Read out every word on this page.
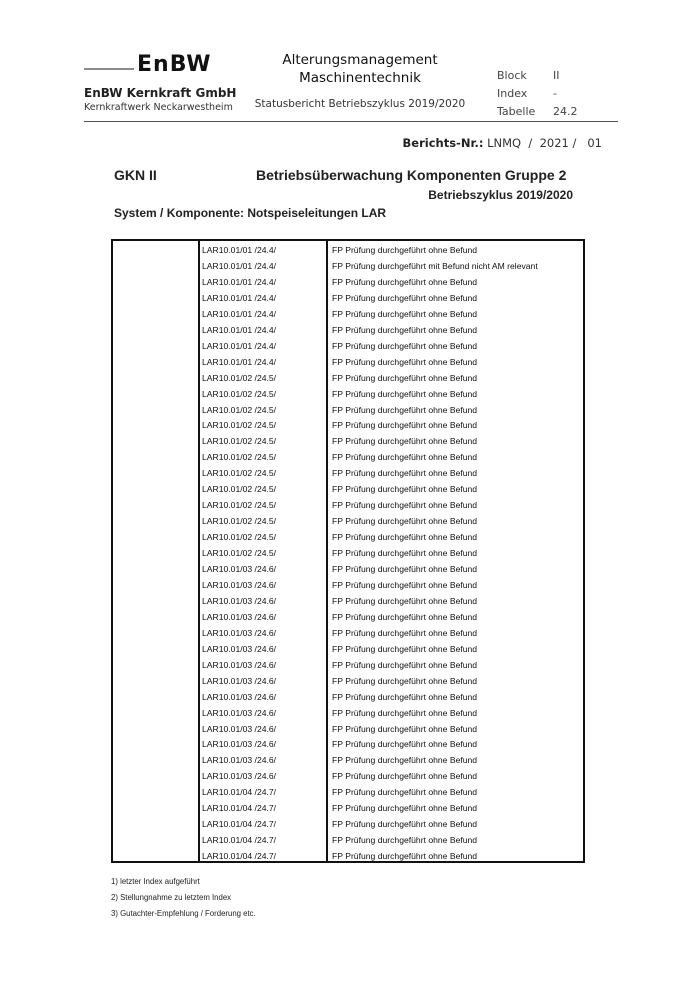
EnBW
EnBW Kernkraft GmbH
Kernkraftwerk Neckarwestheim
Alterungsmanagement
Maschinentechnik
Statusbericht Betriebszyklus 2019/2020
Block II
Index -
Tabelle 24.2
Berichts-Nr.: LNMQ  /  2021 /   01
GKN II	Betriebsüberwachung Komponenten Gruppe 2
Betriebszyklus 2019/2020
System / Komponente: Notspeiseleitungen LAR
LAR10.01/01 /24.4/	FP Prüfung durchgeführt ohne Befund
LAR10.01/01 /24.4/	FP Prüfung durchgeführt mit Befund nicht AM relevant
LAR10.01/01 /24.4/	FP Prüfung durchgeführt ohne Befund
LAR10.01/01 /24.4/	FP Prüfung durchgeführt ohne Befund
LAR10.01/01 /24.4/	FP Prüfung durchgeführt ohne Befund
LAR10.01/01 /24.4/	FP Prüfung durchgeführt ohne Befund
LAR10.01/01 /24.4/	FP Prüfung durchgeführt ohne Befund
LAR10.01/01 /24.4/	FP Prüfung durchgeführt ohne Befund
LAR10.01/02 /24.5/	FP Prüfung durchgeführt ohne Befund
LAR10.01/02 /24.5/	FP Prüfung durchgeführt ohne Befund
LAR10.01/02 /24.5/	FP Prüfung durchgeführt ohne Befund
LAR10.01/02 /24.5/	FP Prüfung durchgeführt ohne Befund
LAR10.01/02 /24.5/	FP Prüfung durchgeführt ohne Befund
LAR10.01/02 /24.5/	FP Prüfung durchgeführt ohne Befund
LAR10.01/02 /24.5/	FP Prüfung durchgeführt ohne Befund
LAR10.01/02 /24.5/	FP Prüfung durchgeführt ohne Befund
LAR10.01/02 /24.5/	FP Prüfung durchgeführt ohne Befund
LAR10.01/02 /24.5/	FP Prüfung durchgeführt ohne Befund
LAR10.01/02 /24.5/	FP Prüfung durchgeführt ohne Befund
LAR10.01/02 /24.5/	FP Prüfung durchgeführt ohne Befund
LAR10.01/03 /24.6/	FP Prüfung durchgeführt ohne Befund
LAR10.01/03 /24.6/	FP Prüfung durchgeführt ohne Befund
LAR10.01/03 /24.6/	FP Prüfung durchgeführt ohne Befund
LAR10.01/03 /24.6/	FP Prüfung durchgeführt ohne Befund
LAR10.01/03 /24.6/	FP Prüfung durchgeführt ohne Befund
LAR10.01/03 /24.6/	FP Prüfung durchgeführt ohne Befund
LAR10.01/03 /24.6/	FP Prüfung durchgeführt ohne Befund
LAR10.01/03 /24.6/	FP Prüfung durchgeführt ohne Befund
LAR10.01/03 /24.6/	FP Prüfung durchgeführt ohne Befund
LAR10.01/03 /24.6/	FP Prüfung durchgeführt ohne Befund
LAR10.01/03 /24.6/	FP Prüfung durchgeführt ohne Befund
LAR10.01/03 /24.6/	FP Prüfung durchgeführt ohne Befund
LAR10.01/03 /24.6/	FP Prüfung durchgeführt ohne Befund
LAR10.01/03 /24.6/	FP Prüfung durchgeführt ohne Befund
LAR10.01/04 /24.7/	FP Prüfung durchgeführt ohne Befund
LAR10.01/04 /24.7/	FP Prüfung durchgeführt ohne Befund
LAR10.01/04 /24.7/	FP Prüfung durchgeführt ohne Befund
LAR10.01/04 /24.7/	FP Prüfung durchgeführt ohne Befund
LAR10.01/04 /24.7/	FP Prüfung durchgeführt ohne Befund
1) letzter Index aufgeführt
2) Stellungnahme zu letztem Index
3) Gutachter-Empfehlung / Forderung etc.
